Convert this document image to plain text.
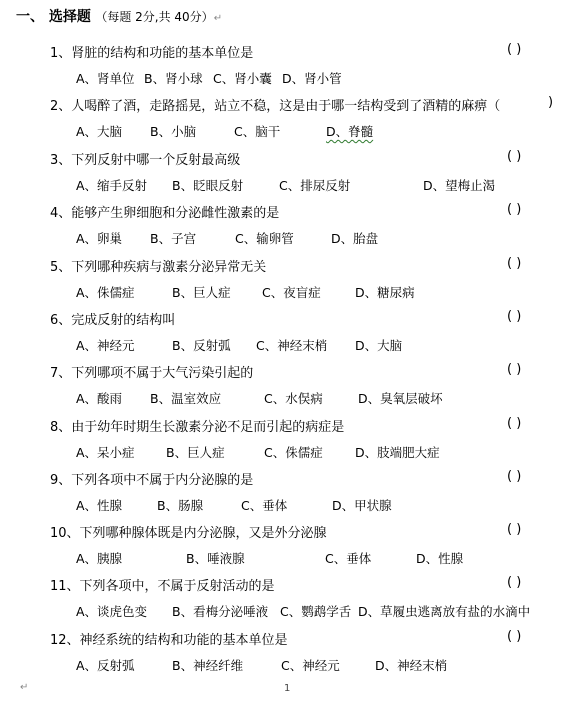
一、 选择题 （每题 2分,共 40分）↵
1、肾脏的结构和功能的基本单位是	( )
A、肾单位 B、肾小球 C、肾小囊 D、肾小管
2、人喝醉了酒，走路摇晃，站立不稳，这是由于哪一结构受到了酒精的麻痹（	)
A、大脑 B、小脑	C、脑干	D、脊髓
3、下列反射中哪一个反射最高级	( )
A、缩手反射 B、眨眼反射	C、排尿反射	D、望梅止渴
4、能够产生卵细胞和分泌雌性激素的是	( )
A、卵巢 B、子宫	C、输卵管	D、胎盘
5、下列哪种疾病与激素分泌异常无关	( )
A、侏儒症	B、巨人症	C、夜盲症	D、糖尿病
6、完成反射的结构叫	( )
A、神经元	B、反射弧 C、神经末梢 D、大脑
7、下列哪项不属于大气污染引起的	( )
A、酸雨 B、温室效应	C、水俣病	D、臭氧层破坏
8、由于幼年时期生长激素分泌不足而引起的病症是	( )
A、呆小症	B、巨人症	C、侏儒症	D、肢端肥大症
9、下列各项中不属于内分泌腺的是	( )
A、性腺	B、肠腺	C、垂体	D、甲状腺
10、下列哪种腺体既是内分泌腺，又是外分泌腺	( )
A、胰腺	B、唾液腺	C、垂体	D、性腺
11、下列各项中，不属于反射活动的是	( )
A、谈虎色变 B、看梅分泌唾液 C、鹦鹉学舌 D、草履虫逃离放有盐的水滴中
12、神经系统的结构和功能的基本单位是	( )
A、反射弧	B、神经纤维	C、神经元	D、神经末梢
↵	1
